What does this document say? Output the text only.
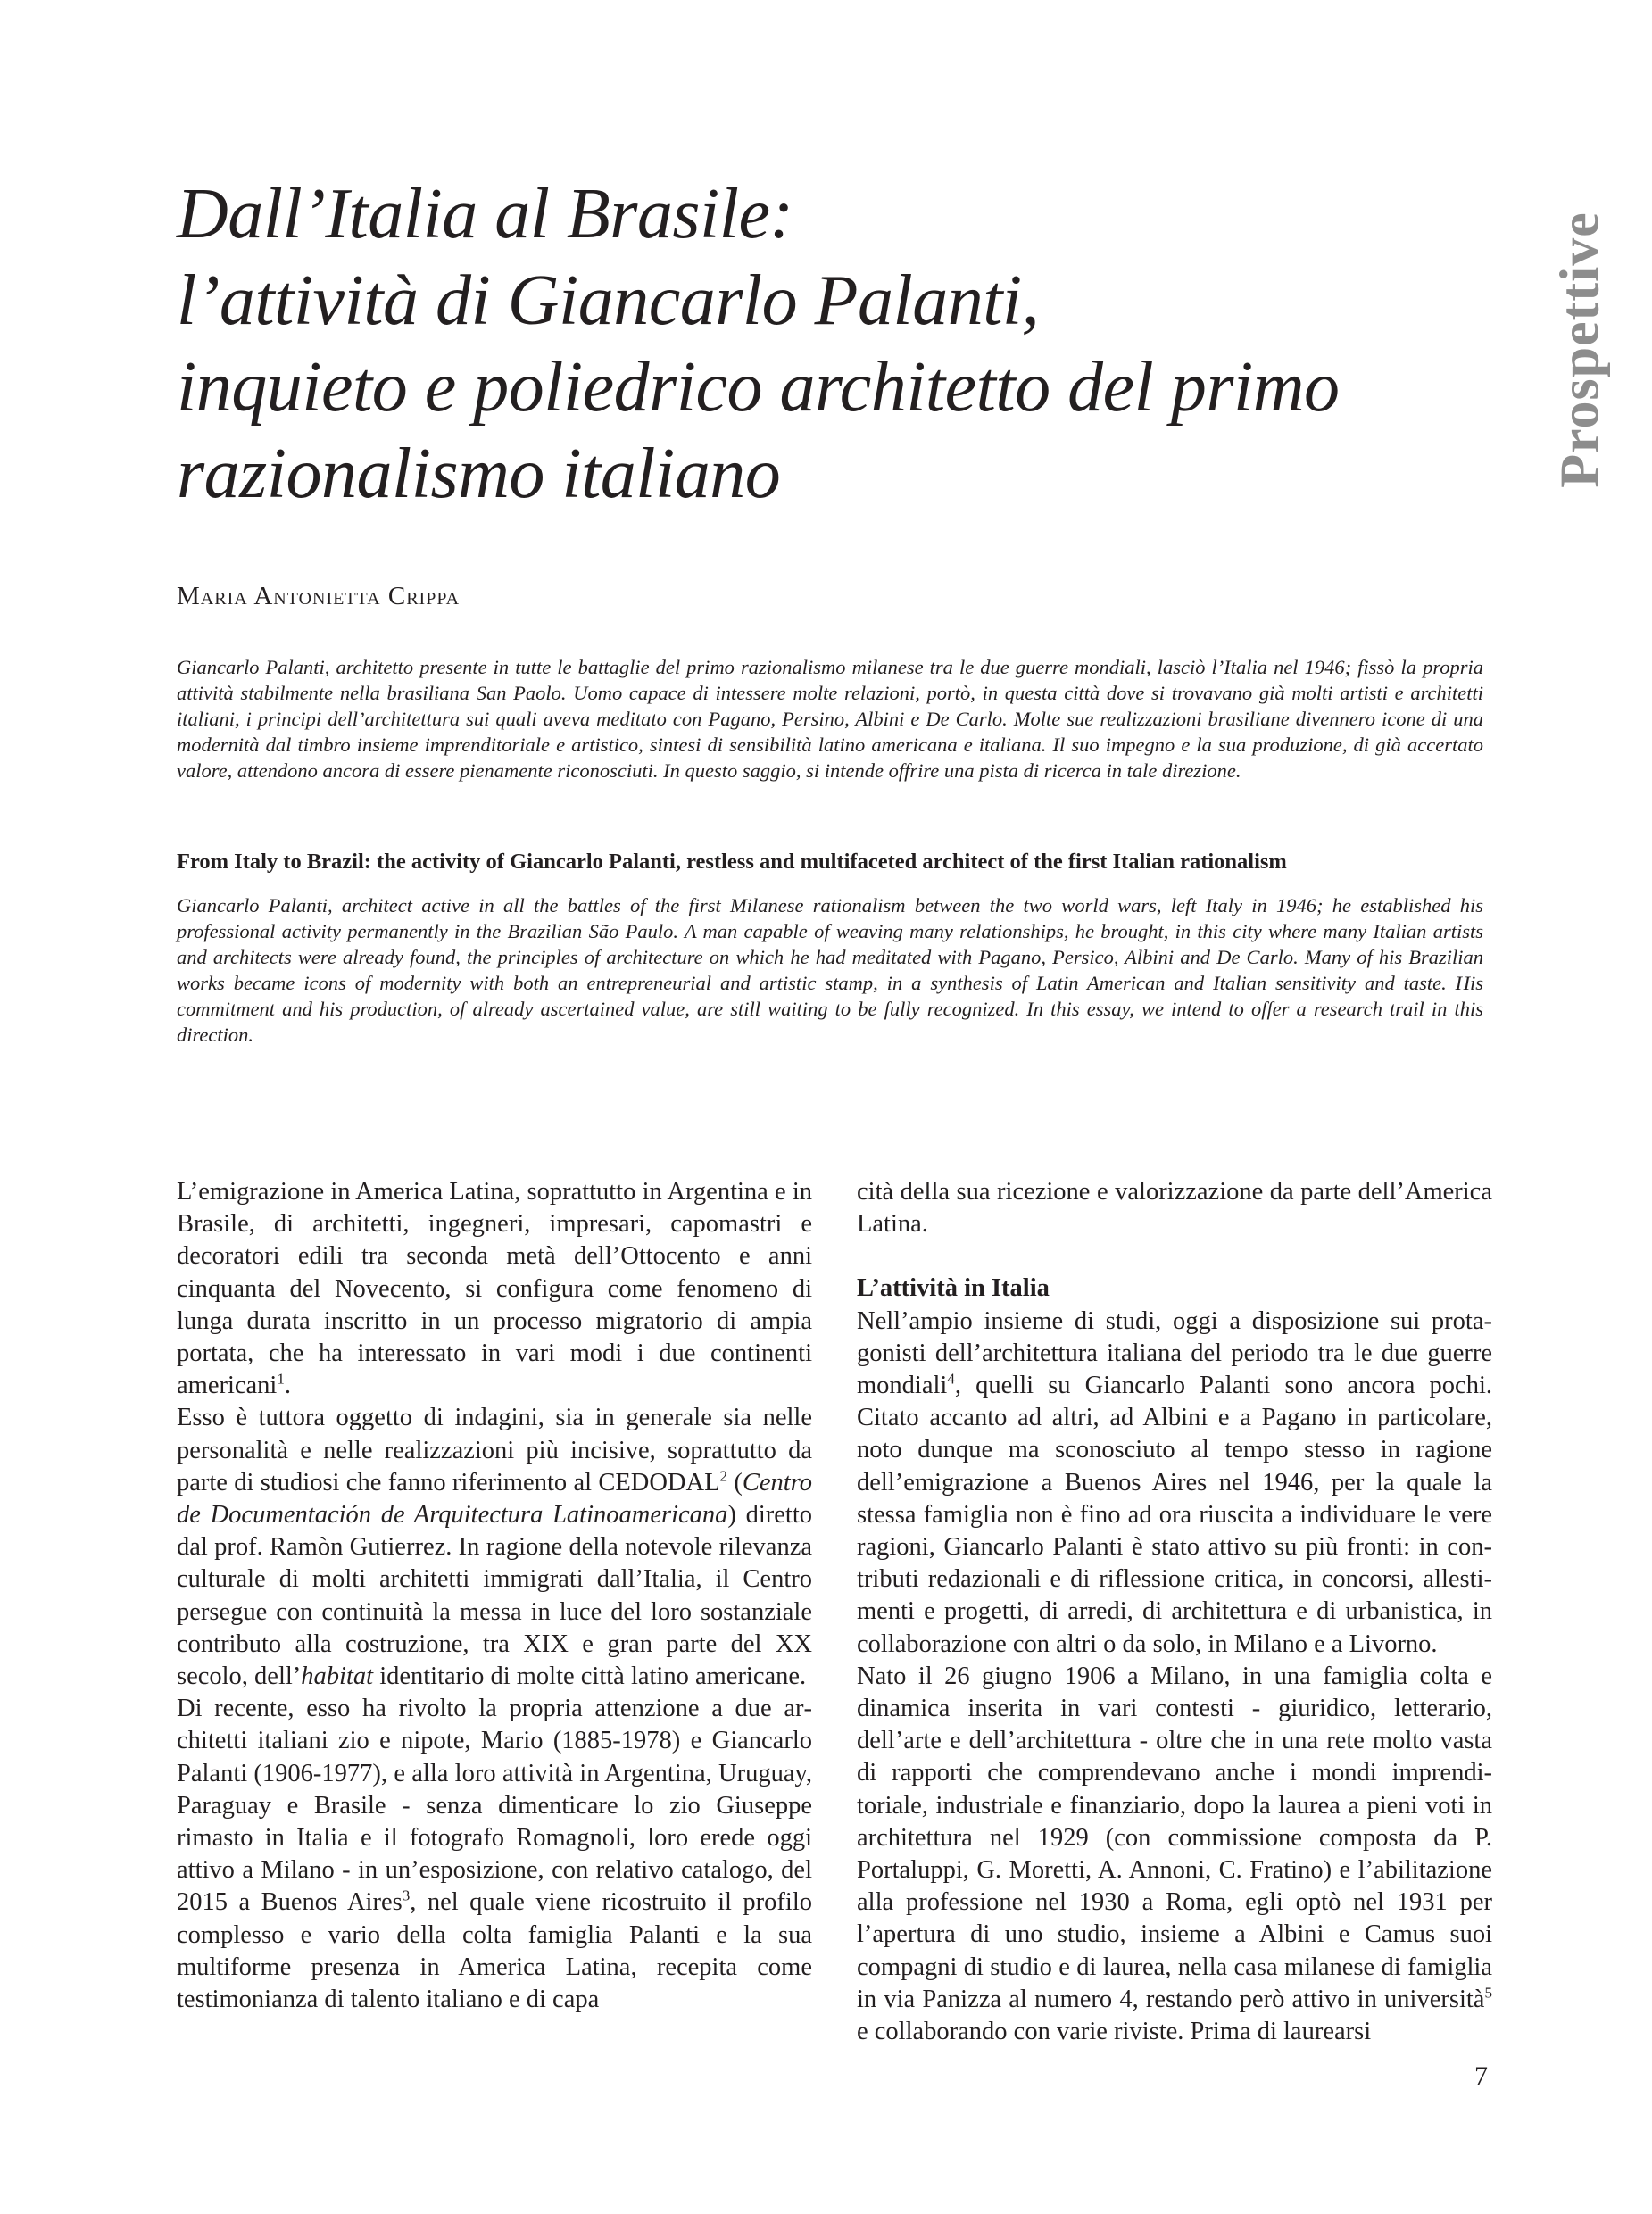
Prospettive
Dall’Italia al Brasile:
l’attività di Giancarlo Palanti,
inquieto e poliedrico architetto del primo
razionalismo italiano
Maria Antonietta Crippa

Giancarlo Palanti, architetto presente in tutte le battaglie del primo razionalismo milanese tra le due guerre mondiali, lasciò l’Italia nel 1946; fissò la propria attività stabilmente nella brasiliana San Paolo. Uomo capace di intessere molte relazioni, portò, in questa città dove si trovavano già molti artisti e architetti italiani, i principi dell’architettura sui quali aveva meditato con Pagano, Persino, Albini e De Carlo. Molte sue realizzazioni brasiliane divennero icone di una modernità dal timbro insieme imprenditoriale e artistico, sintesi di sensibilità latino americana e italiana. Il suo impegno e la sua produzione, di già accertato valore, attendono ancora di essere pienamente riconosciuti. In questo saggio, si intende offrire una pista di ricerca in tale direzione.

From Italy to Brazil: the activity of Giancarlo Palanti, restless and multifaceted architect of the first Italian rationalism

Giancarlo Palanti, architect active in all the battles of the first Milanese rationalism between the two world wars, left Italy in 1946; he established his professional activity permanently in the Brazilian São Paulo. A man capable of weaving many relationships, he brought, in this city where many Italian artists and architects were already found, the principles of architecture on which he had meditated with Pagano, Persico, Albini and De Carlo. Many of his Brazilian works became icons of modernity with both an entrepreneurial and artistic stamp, in a synthesis of Latin American and Italian sensitivity and taste. His commitment and his production, of already ascertained value, are still waiting to be fully recognized. In this essay, we intend to offer a research trail in this direction.

L’emigrazione in America Latina, soprattutto in Argentina e in Brasile, di architetti, ingegneri, impresari, capomastri e decoratori edili tra seconda metà dell’Ottocento e anni cinquanta del Novecento, si configura come fenomeno di lunga durata inscritto in un processo migratorio di ampia portata, che ha interessato in vari modi i due continenti americani$^1$.

Esso è tuttora oggetto di indagini, sia in generale sia nelle personalità e nelle realizzazioni più incisive, soprattutto da parte di studiosi che fanno riferimento al CEDODAL$^2$ (Centro de Documentación de Arquitectura Latinoamericana) diretto dal prof. Ramòn Gutierrez. In ragione della notevole rilevanza culturale di molti architetti immigrati dall’Italia, il Centro persegue con continuità la messa in luce del loro sostanziale contributo alla costruzione, tra XIX e gran parte del XX secolo, dell’habitat identitario di molte città latino americane.

Di recente, esso ha rivolto la propria attenzione a due architetti italiani zio e nipote, Mario (1885-1978) e Giancarlo Palanti (1906-1977), e alla loro attività in Argentina, Uruguay, Paraguay e Brasile - senza dimenticare lo zio Giuseppe rimasto in Italia e il fotografo Romagnoli, loro erede oggi attivo a Milano - in un’esposizione, con relativo catalogo, del 2015 a Buenos Aires$^3$, nel quale viene ricostruito il profilo complesso e vario della colta famiglia Palanti e la sua multiforme presenza in America Latina, recepita come testimonianza di talento italiano e di capa

cità della sua ricezione e valorizzazione da parte dell’America Latina.

L’attività in Italia

Nell’ampio insieme di studi, oggi a disposizione sui protagonisti dell’architettura italiana del periodo tra le due guerre mondiali$^4$, quelli su Giancarlo Palanti sono ancora pochi. Citato accanto ad altri, ad Albini e a Pagano in particolare, noto dunque ma sconosciuto al tempo stesso in ragione dell’emigrazione a Buenos Aires nel 1946, per la quale la stessa famiglia non è fino ad ora riuscita a individuare le vere ragioni, Giancarlo Palanti è stato attivo su più fronti: in contributi redazionali e di riflessione critica, in concorsi, allestimenti e progetti, di arredi, di architettura e di urbanistica, in collaborazione con altri o da solo, in Milano e a Livorno.

Nato il 26 giugno 1906 a Milano, in una famiglia colta e dinamica inserita in vari contesti - giuridico, letterario, dell’arte e dell’architettura - oltre che in una rete molto vasta di rapporti che comprendevano anche i mondi imprenditoriale, industriale e finanziario, dopo la laurea a pieni voti in architettura nel 1929 (con commissione composta da P. Portaluppi, G. Moretti, A. Annoni, C. Fratino) e l’abilitazione alla professione nel 1930 a Roma, egli optò nel 1931 per l’apertura di uno studio, insieme a Albini e Camus suoi compagni di studio e di laurea, nella casa milanese di famiglia in via Panizza al numero 4, restando però attivo in università$^5$ e collaborando con varie riviste. Prima di laurearsi

7
